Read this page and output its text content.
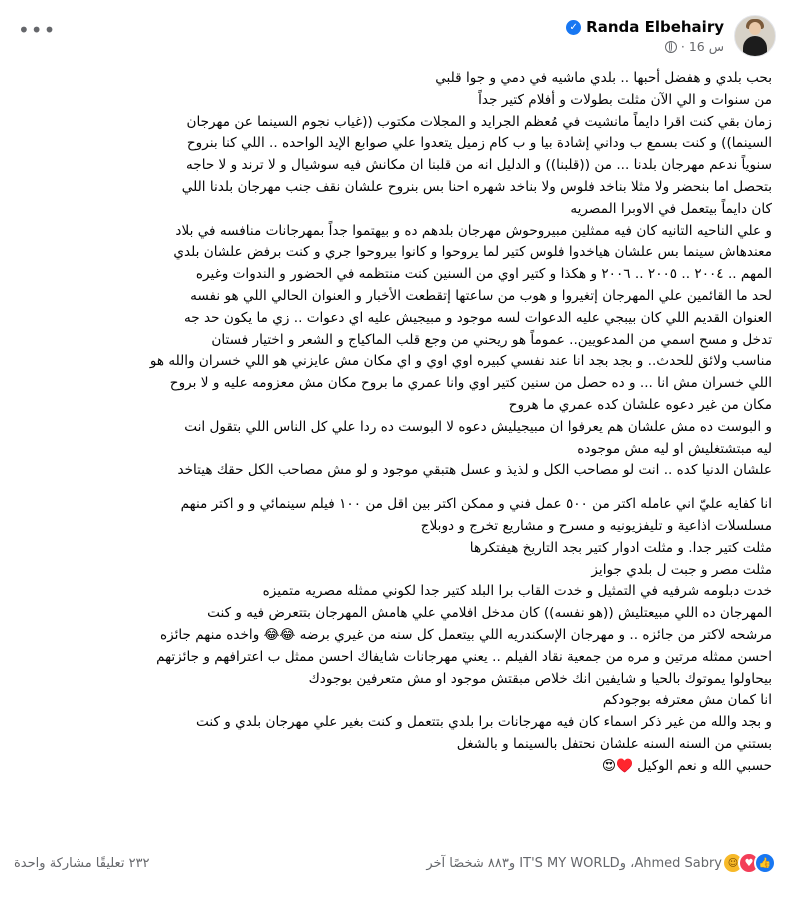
•••	Randa Elbehairy
✓
16 س
·

بحب بلدي و هفضل أحبها .. بلدي ماشيه في دمي و جوا قلبي

من سنوات و الي الآن مثلت بطولات و أفلام كتير جداً

زمان بقي كنت اقرا دايماً مانشيت في مُعظم الجرايد و المجلات مكتوب ((غياب نجوم السينما عن مهرجان

السينما)) و كنت بسمع ب وداني إشادة بيا و ب كام زميل يتعدوا علي صوابع الإيد الواحده .. اللي كنا بنروح

سنوياً ندعم مهرجان بلدنا ... من ((قلبنا)) و الدليل انه من قلبنا ان مكانش فيه سوشيال و لا ترند و لا حاجه

بتحصل اما بنحضر ولا مثلا بناخد فلوس ولا بناخد شهره احنا بس بنروح علشان نقف جنب مهرجان بلدنا اللي

كان دايماً بيتعمل في الاوبرا المصريه

و علي الناحيه التانيه كان فيه ممثلين مبيروحوش مهرجان بلدهم ده و بيهتموا جداً بمهرجانات منافسه في بلاد

معندهاش سينما بس علشان هياخدوا فلوس كتير لما يروحوا و كانوا بيروحوا جري و كنت برفض علشان بلدي

المهم .. ٢٠٠٤ .. ٢٠٠٥ .. ٢٠٠٦ و هكذا و كتير اوي من السنين كنت منتظمه في الحضور و الندوات وغيره

لحد ما القائمين علي المهرجان إتغيروا و هوب من ساعتها إتقطعت الأخبار و العنوان الحالي اللي هو نفسه

العنوان القديم اللي كان بيبجي عليه الدعوات لسه موجود و مبيجيش عليه اي دعوات .. زي ما يكون حد جه

تدخل و مسح اسمي من المدعويين.. عموماً هو ريحني من وجع قلب الماكياج و الشعر و اختيار فستان

مناسب ولائق للحدث.. و بجد بجد انا عند نفسي كبيره اوي اوي و اي مكان مش عايزني هو اللي خسران والله هو

اللي خسران مش انا ... و ده حصل من سنين كتير اوي وانا عمري ما بروح مكان مش معزومه عليه و لا بروح

مكان من غير دعوه علشان كده عمري ما هروح

و البوست ده مش علشان هم يعرفوا ان مبيجيليش دعوه لا البوست ده ردا علي كل الناس اللي بتقول انت

ليه مبتشتغليش او ليه مش موجوده

علشان الدنيا كده .. انت لو مصاحب الكل و لذيذ و عسل هتبقي موجود و لو مش مصاحب الكل حقك هيتاخد

انا كفايه عليّ اني عامله اكتر من ٥٠٠ عمل فني و ممكن اكتر بين اقل من ١٠٠ فيلم سينمائي و و اكتر منهم

مسلسلات اذاعية و تليفزيونيه و مسرح و مشاريع تخرج و دوبلاج

مثلت كتير جدا. و مثلت ادوار كتير بجد التاريخ هيفتكرها

مثلت مصر و جبت ل بلدي جوايز

خدت دبلومه شرفيه في التمثيل و خدت القاب برا البلد كتير جدا لكوني ممثله مصريه متميزه

المهرجان ده اللي مبيعتليش ((هو نفسه)) كان مدخل افلامي علي هامش المهرجان بتتعرض فيه و كنت

مرشحه لاكتر من جائزه .. و مهرجان الإسكندريه اللي بيتعمل كل سنه من غيري برضه 😂😂 واخده منهم جائزه

احسن ممثله مرتين و مره من جمعية نقاد الفيلم .. يعني مهرجانات شايفاك احسن ممثل ب اعترافهم و جائزتهم

بيحاولوا يموتوك بالحيا و شايفين انك خلاص مبقتش موجود او مش متعرفين بوجودك

انا كمان مش معترفه بوجودكم

و بجد والله من غير ذكر اسماء كان فيه مهرجانات برا بلدي بتتعمل و كنت بغير علي مهرجان بلدي و كنت

بستني من السنه السنه علشان نحتفل بالسينما و بالشغل

حسبي الله و نعم الوكيل ♥️😍

٢٣٢ تعليقًا مشاركة واحدة	👍
♥
☺
Ahmed Sabry، وIT'S MY WORLD و٨٨٣ شخصًا آخر
